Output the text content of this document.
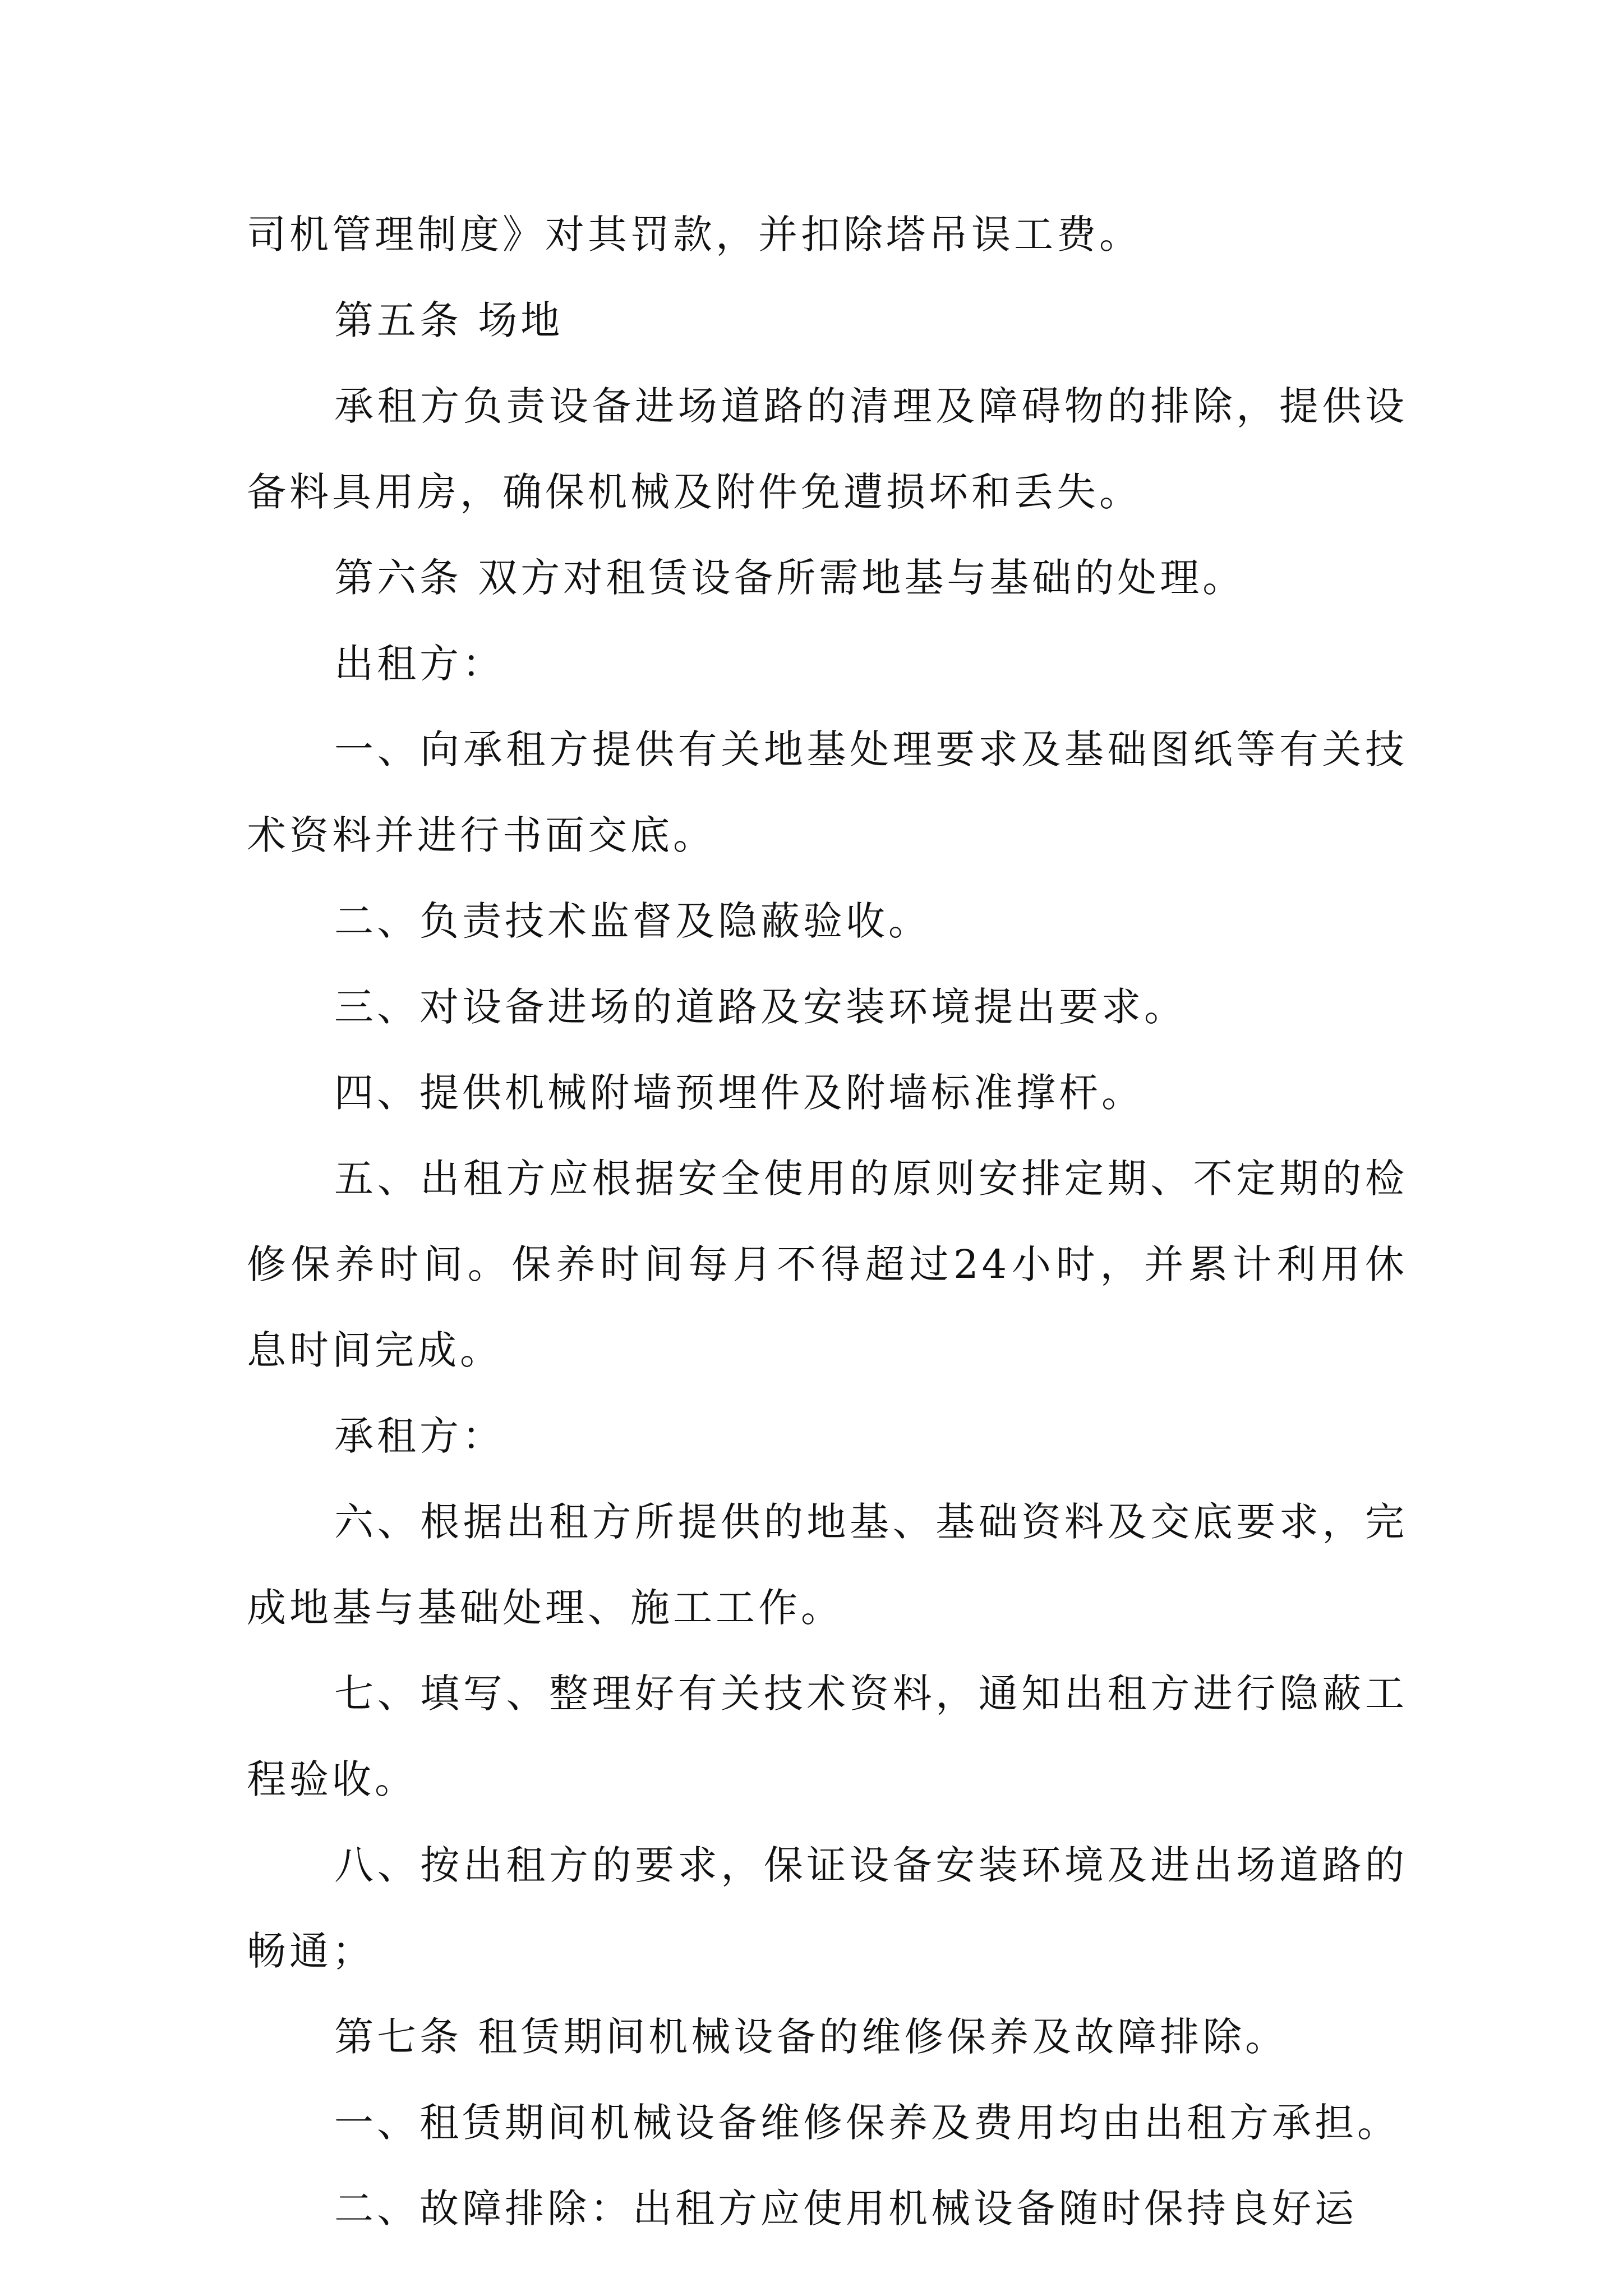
司机管理制度》对其罚款，并扣除塔吊误工费。

第五条 场地

承租方负责设备进场道路的清理及障碍物的排除，提供设备料具用房，确保机械及附件免遭损坏和丢失。

第六条 双方对租赁设备所需地基与基础的处理。

出租方：

一、向承租方提供有关地基处理要求及基础图纸等有关技术资料并进行书面交底。

二、负责技术监督及隐蔽验收。

三、对设备进场的道路及安装环境提出要求。

四、提供机械附墙预埋件及附墙标准撑杆。

五、出租方应根据安全使用的原则安排定期、不定期的检修保养时间。保养时间每月不得超过24小时，并累计利用休息时间完成。

承租方：

六、根据出租方所提供的地基、基础资料及交底要求，完成地基与基础处理、施工工作。

七、填写、整理好有关技术资料，通知出租方进行隐蔽工程验收。

八、按出租方的要求，保证设备安装环境及进出场道路的畅通；

第七条 租赁期间机械设备的维修保养及故障排除。

一、租赁期间机械设备维修保养及费用均由出租方承担。

二、故障排除：出租方应使用机械设备随时保持良好运
